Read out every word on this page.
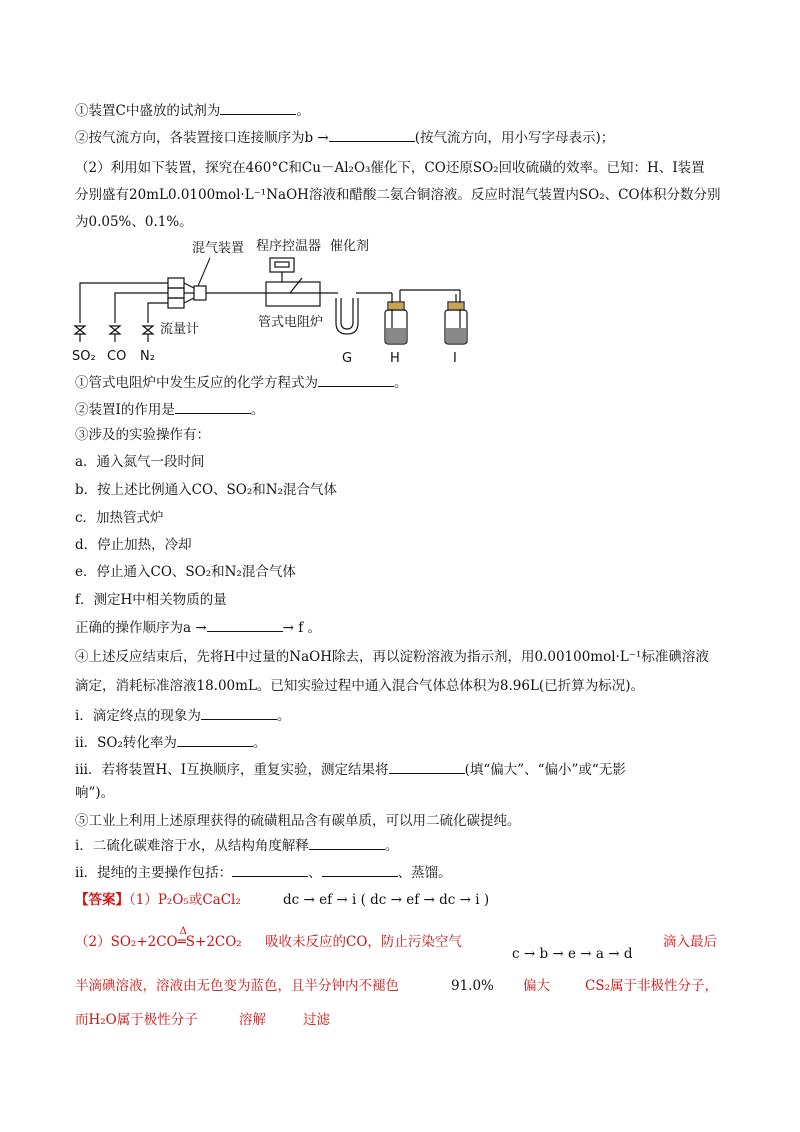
①装置C中盛放的试剂为	。
②按气流方向，各装置接口连接顺序为b →	(按气流方向，用小写字母表示)；
（2）利用如下装置，探究在460°C和Cu－Al₂O₃催化下，CO还原SO₂回收硫磺的效率。已知：H、I装置
分别盛有20mL0.0100mol·L⁻¹NaOH溶液和醋酸二氨合铜溶液。反应时混气装置内SO₂、CO体积分数分别
为0.05%、0.1%。
混气装置 程序控温器 催化剂
流量计	管式电阻炉
SO₂ CO N₂	G	H	I
①管式电阻炉中发生反应的化学方程式为	。
②装置I的作用是	。
③涉及的实验操作有：
a．通入氮气一段时间
b．按上述比例通入CO、SO₂和N₂混合气体
c．加热管式炉
d．停止加热，冷却
e．停止通入CO、SO₂和N₂混合气体
f．测定H中相关物质的量
正确的操作顺序为a →	→ f 。
④上述反应结束后，先将H中过量的NaOH除去，再以淀粉溶液为指示剂，用0.00100mol·L⁻¹标准碘溶液
滴定，消耗标准溶液18.00mL。已知实验过程中通入混合气体总体积为8.96L(已折算为标况)。
i．滴定终点的现象为	。
ii．SO₂转化率为	。
iii．若将装置H、I互换顺序，重复实验，测定结果将	(填“偏大”、“偏小”或“无影
响”)。
⑤工业上利用上述原理获得的硫磺粗品含有碳单质，可以用二硫化碳提纯。
i．二硫化碳难溶于水，从结构角度解释	。
ii．提纯的主要操作包括：	、	、蒸馏。
【答案】（1）P₂O₅或CaCl₂	dc → ef → i ( dc → ef → dc → i )
（2）SO₂+2CO
Δ
═S+2CO₂ 吸收未反应的CO，防止污染空气
c → b → e → a → d
滴入最后
半滴碘溶液，溶液由无色变为蓝色，且半分钟内不褪色	91.0% 偏大	CS₂属于非极性分子，
而H₂O属于极性分子	溶解	过滤
